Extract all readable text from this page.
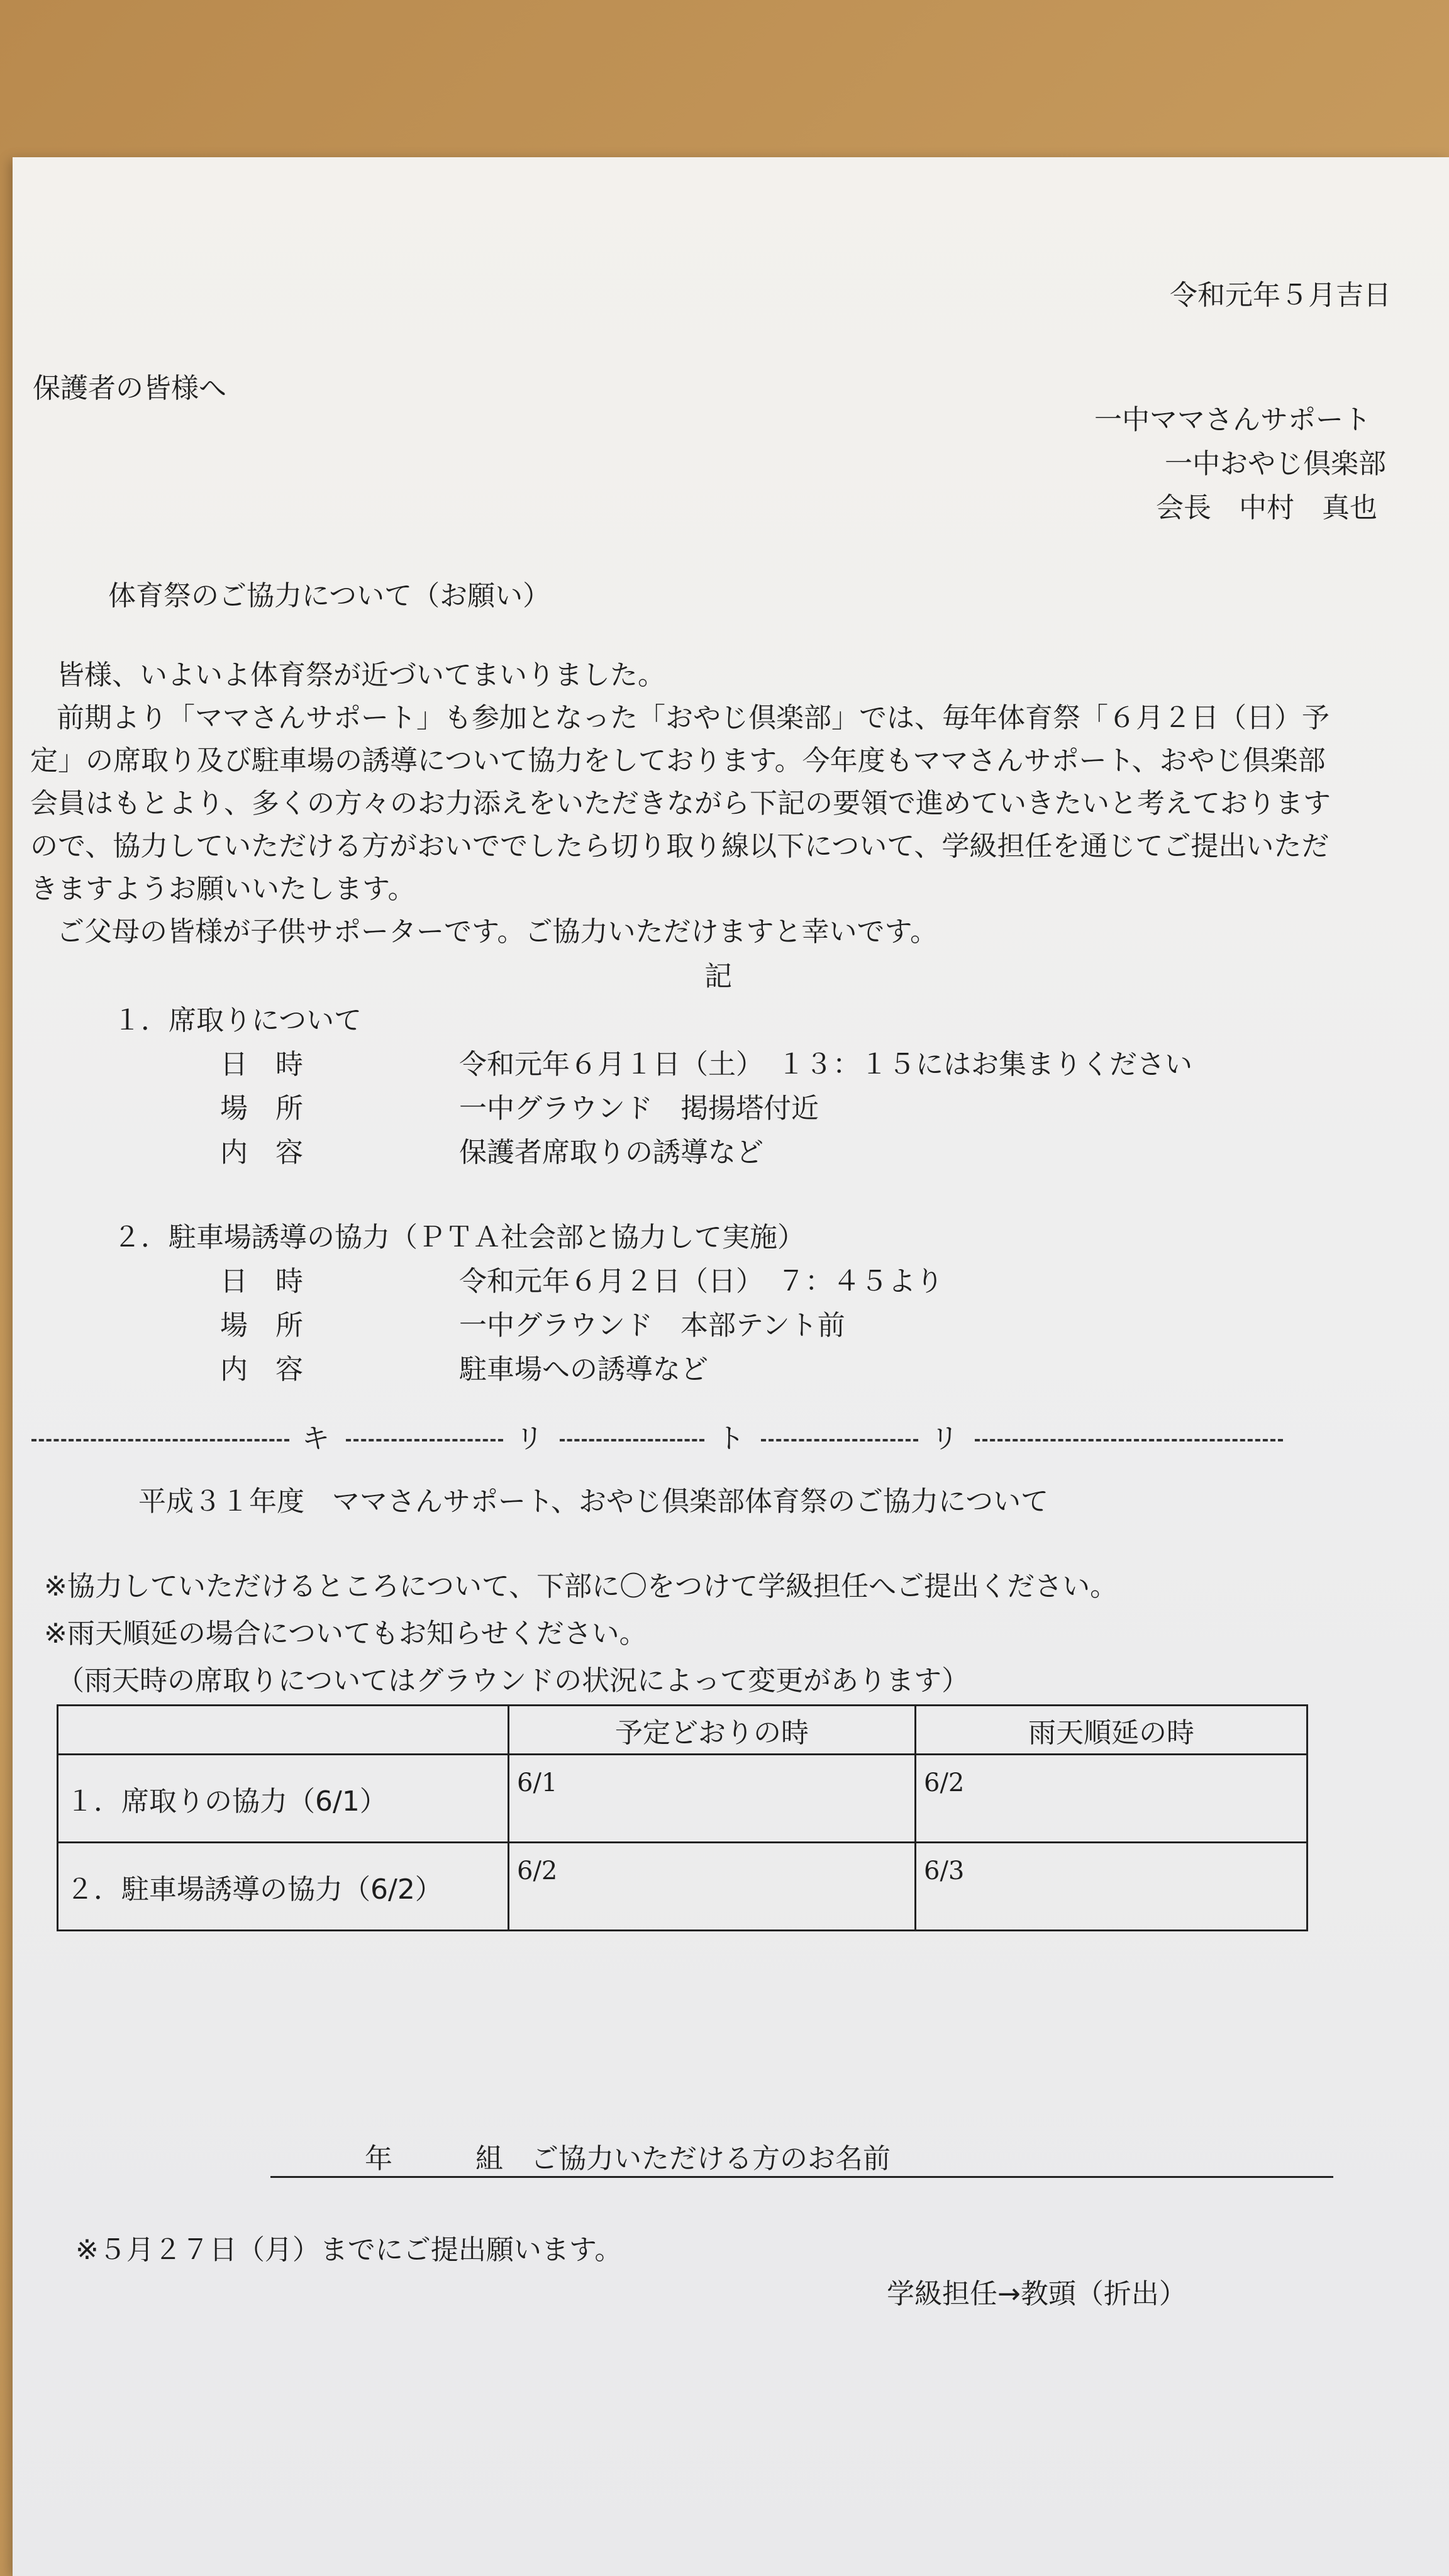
令和元年５月吉日
保護者の皆様へ
一中ママさんサポート
一中おやじ倶楽部
会長　中村　真也
体育祭のご協力について（お願い）
皆様、いよいよ体育祭が近づいてまいりました。
前期より「ママさんサポート」も参加となった「おやじ倶楽部」では、毎年体育祭「６月２日（日）予
定」の席取り及び駐車場の誘導について協力をしております。今年度もママさんサポート、おやじ倶楽部
会員はもとより、多くの方々のお力添えをいただきながら下記の要領で進めていきたいと考えております
ので、協力していただける方がおいででしたら切り取り線以下について、学級担任を通じてご提出いただ
きますようお願いいたします。
ご父母の皆様が子供サポーターです。ご協力いただけますと幸いです。
記
１．席取りについて
日時	令和元年６月１日（土）　１３：１５にはお集まりください
場所	一中グラウンド　掲揚塔付近
内容	保護者席取りの誘導など
２．駐車場誘導の協力（ＰＴＡ社会部と協力して実施）
日時	令和元年６月２日（日）　７：４５より
場所	一中グラウンド　本部テント前
内容	駐車場への誘導など
キ	リ	ト	リ
平成３１年度　ママさんサポート、おやじ倶楽部体育祭のご協力について
※協力していただけるところについて、下部に〇をつけて学級担任へご提出ください。
※雨天順延の場合についてもお知らせください。
（雨天時の席取りについてはグラウンドの状況によって変更があります）
	予定どおりの時	雨天順延の時
１．席取りの協力（6/1）	6/1	6/2
２．駐車場誘導の協力（6/2）	6/2	6/3
年　　　組　ご協力いただける方のお名前
※５月２７日（月）までにご提出願います。
学級担任→教頭（折出）
